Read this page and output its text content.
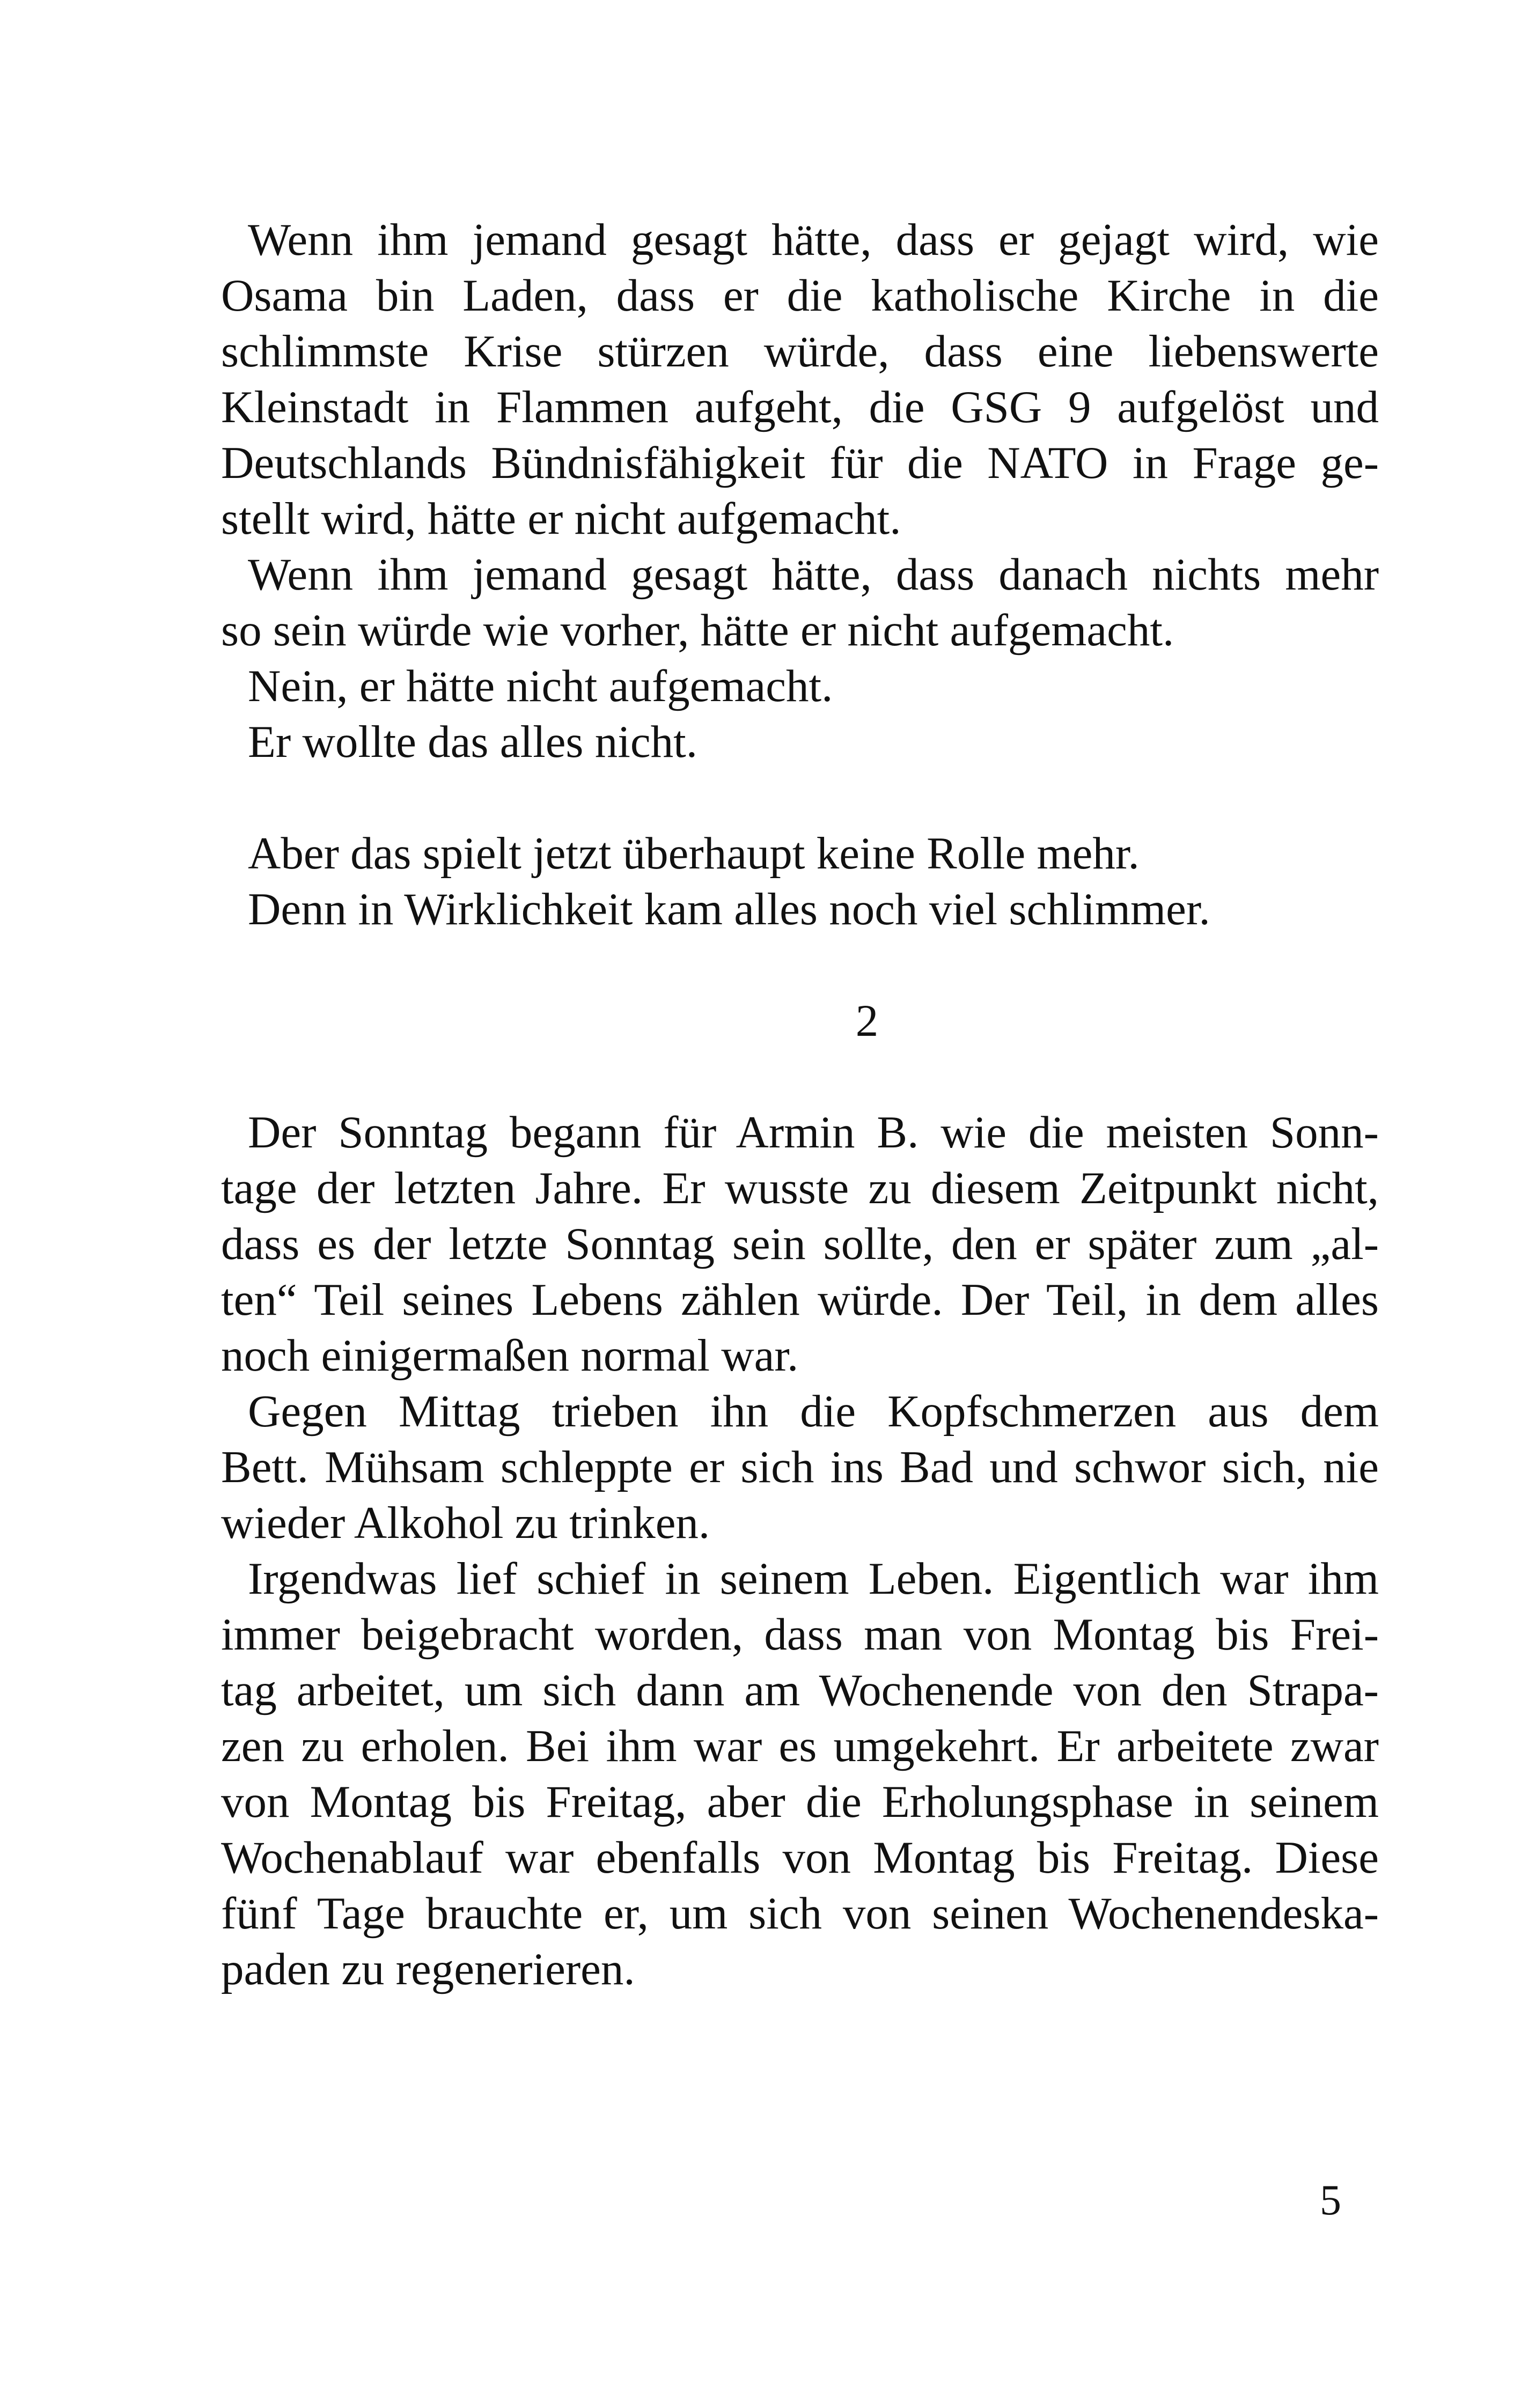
Wenn ihm jemand gesagt hätte, dass er gejagt wird, wie
Osama bin Laden, dass er die katholische Kirche in die
schlimmste Krise stürzen würde, dass eine liebenswerte
Kleinstadt in Flammen aufgeht, die GSG 9 aufgelöst und
Deutschlands Bündnisfähigkeit für die NATO in Frage ge-
stellt wird, hätte er nicht aufgemacht.

Wenn ihm jemand gesagt hätte, dass danach nichts mehr
so sein würde wie vorher, hätte er nicht aufgemacht.

Nein, er hätte nicht aufgemacht.

Er wollte das alles nicht.

Aber das spielt jetzt überhaupt keine Rolle mehr.

Denn in Wirklichkeit kam alles noch viel schlimmer.

2

Der Sonntag begann für Armin B. wie die meisten Sonn-
tage der letzten Jahre. Er wusste zu diesem Zeitpunkt nicht,
dass es der letzte Sonntag sein sollte, den er später zum „al-
ten“ Teil seines Lebens zählen würde. Der Teil, in dem alles
noch einigermaßen normal war.

Gegen Mittag trieben ihn die Kopfschmerzen aus dem
Bett. Mühsam schleppte er sich ins Bad und schwor sich, nie
wieder Alkohol zu trinken.

Irgendwas lief schief in seinem Leben. Eigentlich war ihm
immer beigebracht worden, dass man von Montag bis Frei-
tag arbeitet, um sich dann am Wochenende von den Strapa-
zen zu erholen. Bei ihm war es umgekehrt. Er arbeitete zwar
von Montag bis Freitag, aber die Erholungsphase in seinem
Wochenablauf war ebenfalls von Montag bis Freitag. Diese
fünf Tage brauchte er, um sich von seinen Wochenendeska-
paden zu regenerieren.

5
